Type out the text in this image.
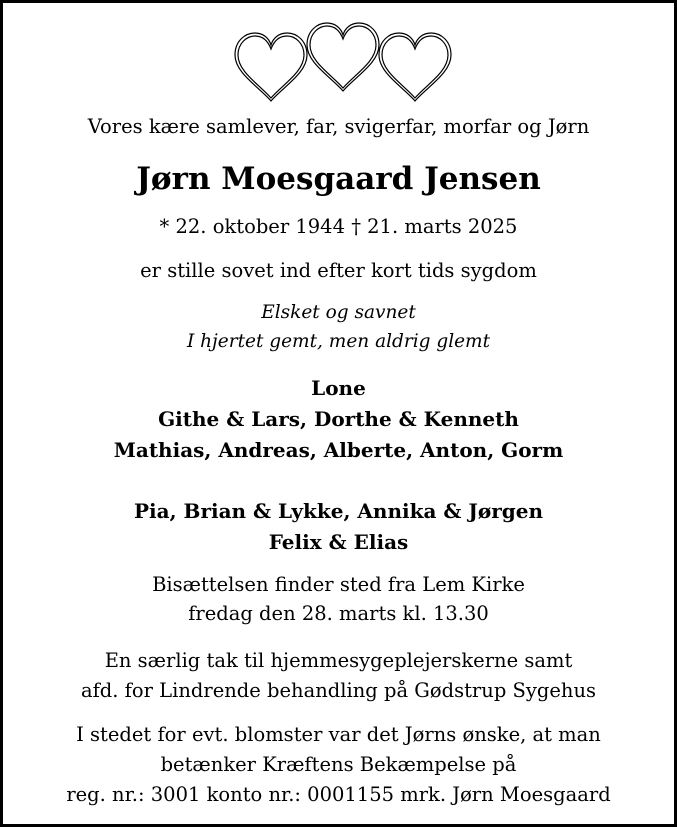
Vores kære samlever, far, svigerfar, morfar og Jørn
Jørn Moesgaard Jensen
* 22. oktober 1944 † 21. marts 2025
er stille sovet ind efter kort tids sygdom
Elsket og savnet
I hjertet gemt, men aldrig glemt
Lone
Githe & Lars, Dorthe & Kenneth
Mathias, Andreas, Alberte, Anton, Gorm
Pia, Brian & Lykke, Annika & Jørgen
Felix & Elias
Bisættelsen finder sted fra Lem Kirke
fredag den 28. marts kl. 13.30
En særlig tak til hjemmesygeplejerskerne samt
afd. for Lindrende behandling på Gødstrup Sygehus
I stedet for evt. blomster var det Jørns ønske, at man
betænker Kræftens Bekæmpelse på
reg. nr.: 3001 konto nr.: 0001155 mrk. Jørn Moesgaard
